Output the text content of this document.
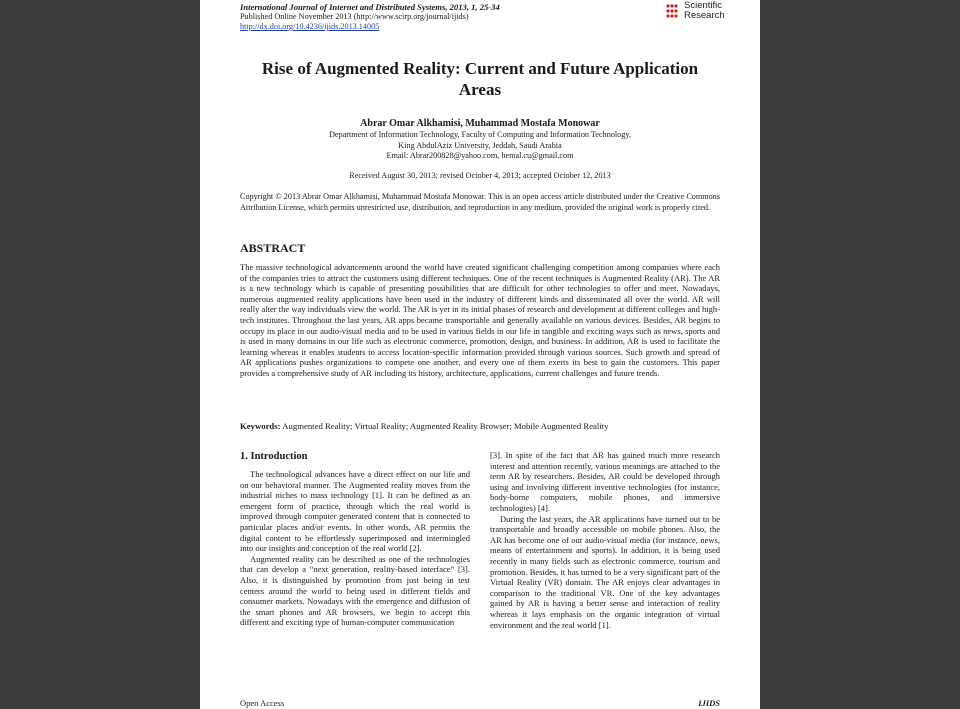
International Journal of Internet and Distributed Systems, 2013, 1, 25-34
Published Online November 2013 (http://www.scirp.org/journal/ijids)
http://dx.doi.org/10.4236/ijids.2013.14005
Scientific
Research
Rise of Augmented Reality: Current and Future Application Areas
Abrar Omar Alkhamisi, Muhammad Mostafa Monowar
Department of Information Technology, Faculty of Computing and Information Technology,
King AbdulAziz University, Jeddah, Saudi Arabia
Email: Abrar200828@yahoo.com, hemal.cu@gmail.com
Received August 30, 2013; revised October 4, 2013; accepted October 12, 2013
Copyright © 2013 Abrar Omar Alkhamisi, Muhammad Mostafa Monowar. This is an open access article distributed under the Creative Commons Attribution License, which permits unrestricted use, distribution, and reproduction in any medium, provided the original work is properly cited.
ABSTRACT
The massive technological advancements around the world have created significant challenging competition among companies where each of the companies tries to attract the customers using different techniques. One of the recent techniques is Augmented Reality (AR). The AR is a new technology which is capable of presenting possibilities that are difficult for other technologies to offer and meet. Nowadays, numerous augmented reality applications have been used in the industry of different kinds and disseminated all over the world. AR will really alter the way individuals view the world. The AR is yet in its initial phases of research and development at different colleges and high-tech institutes. Throughout the last years, AR apps became transportable and generally available on various devices. Besides, AR begins to occupy its place in our audio-visual media and to be used in various fields in our life in tangible and exciting ways such as news, sports and is used in many domains in our life such as electronic commerce, promotion, design, and business. In addition, AR is used to facilitate the learning whereas it enables students to access location-specific information provided through various sources. Such growth and spread of AR applications pushes organizations to compete one another, and every one of them exerts its best to gain the customers. This paper provides a comprehensive study of AR including its history, architecture, applications, current challenges and future trends.
Keywords: Augmented Reality; Virtual Reality; Augmented Reality Browser; Mobile Augmented Reality
1. Introduction

The technological advances have a direct effect on our life and on our behavioral manner. The Augmented reality moves from the industrial niches to mass technology [1]. It can be defined as an emergent form of practice, through which the real world is improved through computer generated content that is connected to particular places and/or events. In other words, AR permits the digital content to be effortlessly superimposed and intermingled into our insights and conception of the real world [2].

Augmented reality can be described as one of the technologies that can develop a “next generation, reality-based interface” [3]. Also, it is distinguished by promotion from just being in test centers around the world to being used in different fields and consumer markets. Nowadays with the emergence and diffusion of the smart phones and AR browsers, we begin to accept this different and exciting type of human-computer communication

[3]. In spite of the fact that AR has gained much more research interest and attention recently, various meanings are attached to the term AR by researchers. Besides, AR could be developed through using and involving different inventive technologies (for instance, body-borne computers, mobile phones, and immersive technologies) [4].

During the last years, the AR applications have turned out to be transportable and broadly accessible on mobile phones. Also, the AR has become one of our audio-visual media (for instance, news, means of entertainment and sports). In addition, it is being used recently in many fields such as electronic commerce, tourism and promotion. Besides, it has turned to be a very significant part of the Virtual Reality (VR) domain. The AR enjoys clear advantages in comparison to the traditional VR. One of the key advantages gained by AR is having a better sense and interaction of reality whereas it lays emphasis on the organic integration of virtual environment and the real world [1].

Open Access	IJIDS
